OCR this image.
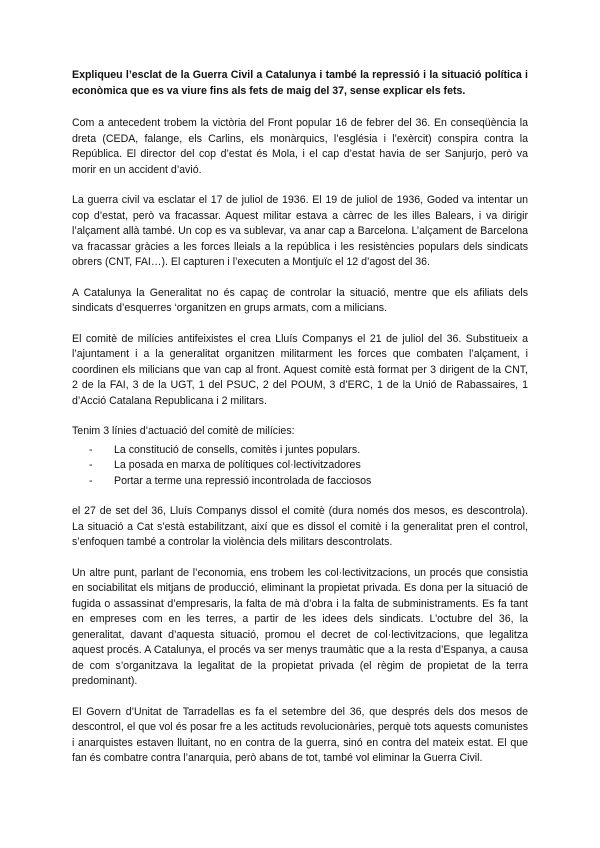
Expliqueu l’esclat de la Guerra Civil a Catalunya i també la repressió i la situació política i econòmica que es va viure fins als fets de maig del 37, sense explicar els fets.

Com a antecedent trobem la victòria del Front popular 16 de febrer del 36. En conseqüència la dreta (CEDA, falange, els Carlins, els monàrquics, l’església i l’exèrcit) conspira contra la República. El director del cop d’estat és Mola, i el cap d’estat havia de ser Sanjurjo, però va morir en un accident d’avió.

La guerra civil va esclatar el 17 de juliol de 1936. El 19 de juliol de 1936, Goded va intentar un cop d’estat, però va fracassar. Aquest militar estava a càrrec de les illes Balears, i va dirigir l’alçament allà també. Un cop es va sublevar, va anar cap a Barcelona. L’alçament de Barcelona va fracassar gràcies a les forces lleials a la república i les resistències populars dels sindicats obrers (CNT, FAI…). El capturen i l’executen a Montjuïc el 12 d’agost del 36.

A Catalunya la Generalitat no és capaç de controlar la situació, mentre que els afiliats dels sindicats d’esquerres ‘organitzen en grups armats, com a milicians.

El comitè de milícies antifeixistes el crea Lluís Companys el 21 de juliol del 36. Substitueix a l’ajuntament i a la generalitat organitzen militarment les forces que combaten l’alçament, i coordinen els milicians que van cap al front. Aquest comitè està format per 3 dirigent de la CNT, 2 de la FAI, 3 de la UGT, 1 del PSUC, 2 del POUM, 3 d’ERC, 1 de la Unió de Rabassaires, 1 d’Acció Catalana Republicana i 2 militars.

Tenim 3 línies d’actuació del comitè de milícies:

- La constitució de consells, comitès i juntes populars.
- La posada en marxa de polítiques col·lectivitzadores
- Portar a terme una repressió incontrolada de facciosos

el 27 de set del 36, Lluís Companys dissol el comitè (dura només dos mesos, es descontrola). La situació a Cat s’està estabilitzant, així que es dissol el comitè i la generalitat pren el control, s’enfoquen també a controlar la violència dels militars descontrolats.

Un altre punt, parlant de l’economia, ens trobem les col·lectivitzacions, un procés que consistia en sociabilitat els mitjans de producció, eliminant la propietat privada. Es dona per la situació de fugida o assassinat d’empresaris, la falta de mà d’obra i la falta de subministraments. Es fa tant en empreses com en les terres, a partir de les idees dels sindicats. L’octubre del 36, la generalitat, davant d’aquesta situació, promou el decret de col·lectivitzacions, que legalitza aquest procés. A Catalunya, el procés va ser menys traumàtic que a la resta d’Espanya, a causa de com s’organitzava la legalitat de la propietat privada (el règim de propietat de la terra predominant).

El Govern d’Unitat de Tarradellas es fa el setembre del 36, que després dels dos mesos de descontrol, el que vol és posar fre a les actituds revolucionàries, perquè tots aquests comunistes i anarquistes estaven lluitant, no en contra de la guerra, sinó en contra del mateix estat. El que fan és combatre contra l’anarquia, però abans de tot, també vol eliminar la Guerra Civil.
